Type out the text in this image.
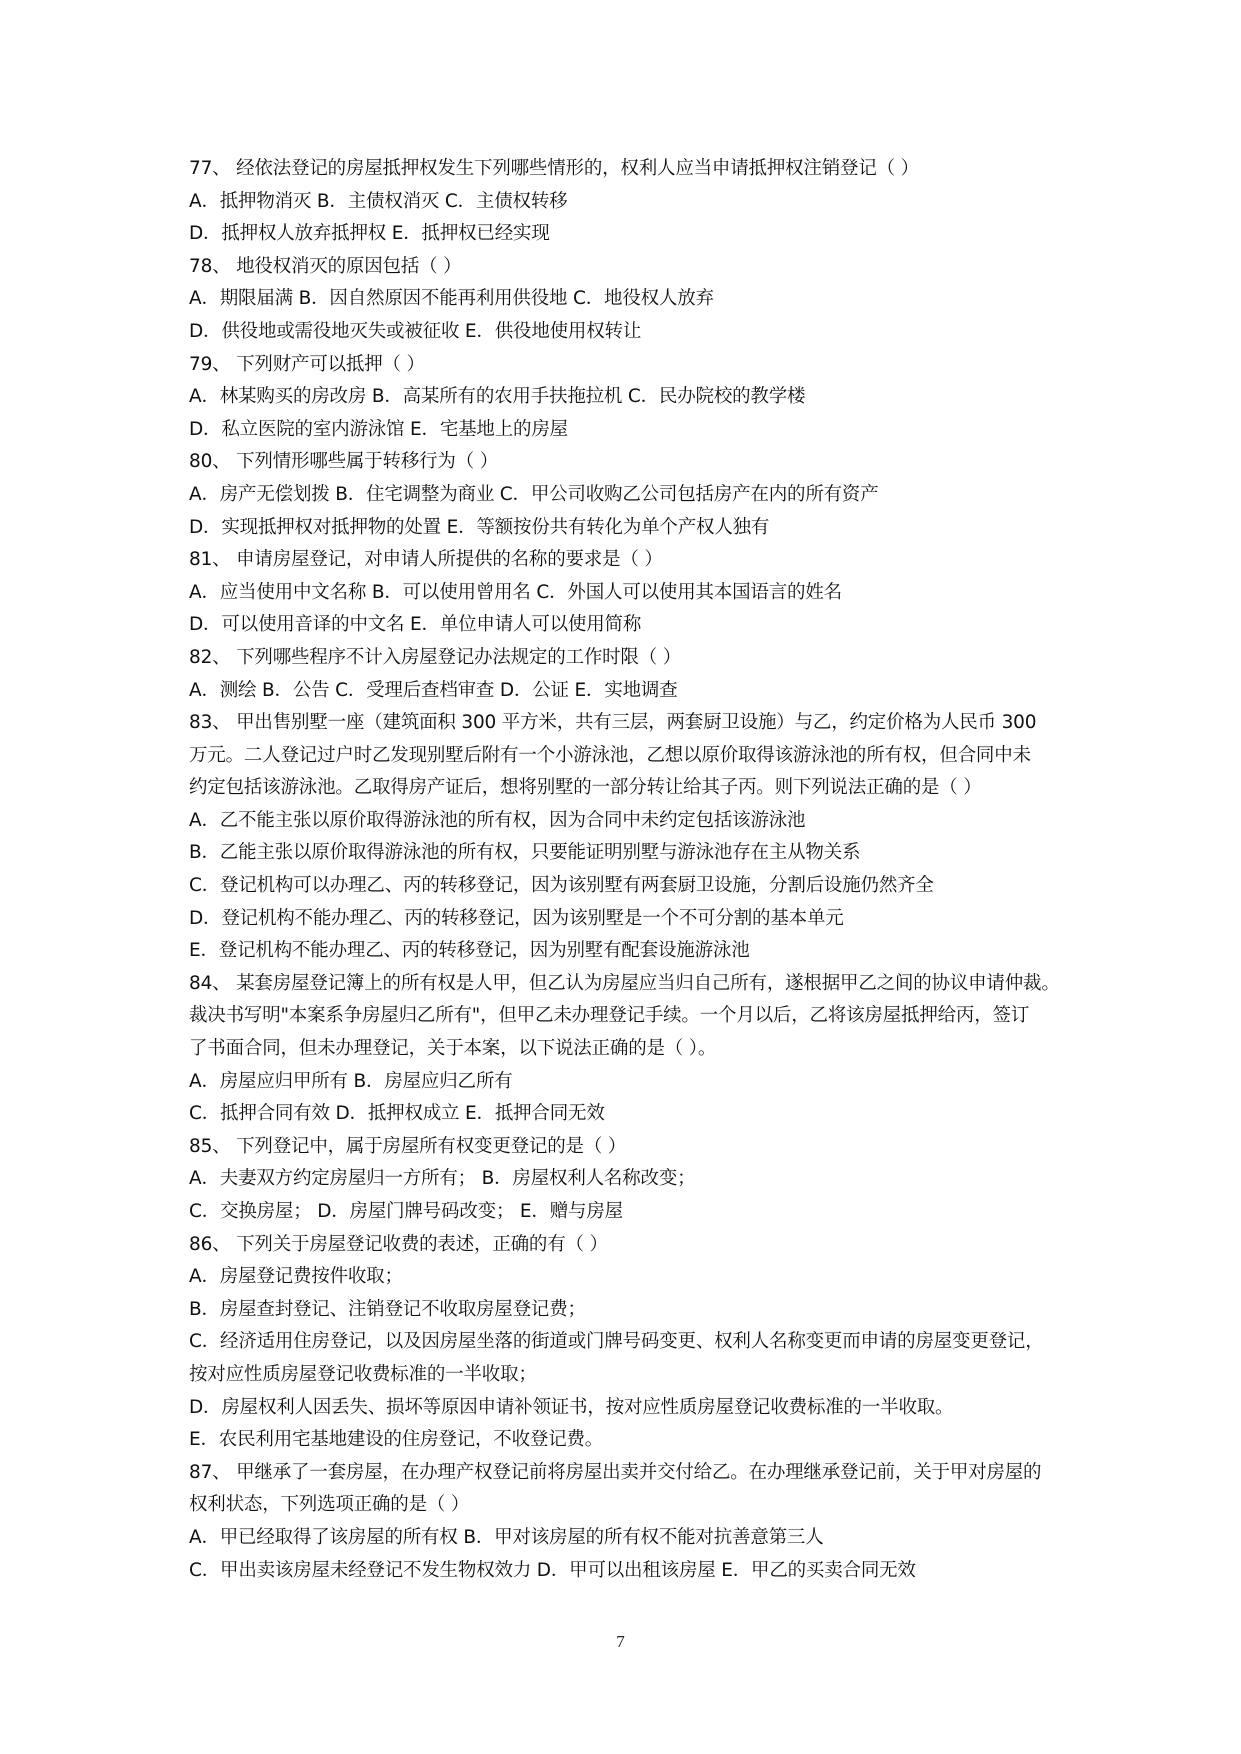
77、 经依法登记的房屋抵押权发生下列哪些情形的，权利人应当申请抵押权注销登记（ ）
A．抵押物消灭 B．主债权消灭 C．主债权转移
D．抵押权人放弃抵押权 E．抵押权已经实现
78、 地役权消灭的原因包括（ ）
A．期限届满 B．因自然原因不能再利用供役地 C．地役权人放弃
D．供役地或需役地灭失或被征收 E．供役地使用权转让
79、 下列财产可以抵押（ ）
A．林某购买的房改房 B．高某所有的农用手扶拖拉机 C．民办院校的教学楼
D．私立医院的室内游泳馆 E．宅基地上的房屋
80、 下列情形哪些属于转移行为（ ）
A．房产无偿划拨 B．住宅调整为商业 C．甲公司收购乙公司包括房产在内的所有资产
D．实现抵押权对抵押物的处置 E．等额按份共有转化为单个产权人独有
81、 申请房屋登记，对申请人所提供的名称的要求是（ ）
A．应当使用中文名称 B．可以使用曾用名 C．外国人可以使用其本国语言的姓名
D．可以使用音译的中文名 E．单位申请人可以使用简称
82、 下列哪些程序不计入房屋登记办法规定的工作时限（ ）
A．测绘 B．公告 C．受理后查档审查 D．公证 E．实地调查
83、 甲出售别墅一座（建筑面积 300 平方米，共有三层，两套厨卫设施）与乙，约定价格为人民币 300
万元。二人登记过户时乙发现别墅后附有一个小游泳池，乙想以原价取得该游泳池的所有权，但合同中未
约定包括该游泳池。乙取得房产证后，想将别墅的一部分转让给其子丙。则下列说法正确的是（ ）
A．乙不能主张以原价取得游泳池的所有权，因为合同中未约定包括该游泳池
B．乙能主张以原价取得游泳池的所有权，只要能证明别墅与游泳池存在主从物关系
C．登记机构可以办理乙、丙的转移登记，因为该别墅有两套厨卫设施，分割后设施仍然齐全
D．登记机构不能办理乙、丙的转移登记，因为该别墅是一个不可分割的基本单元
E．登记机构不能办理乙、丙的转移登记，因为别墅有配套设施游泳池
84、 某套房屋登记簿上的所有权是人甲，但乙认为房屋应当归自己所有，遂根据甲乙之间的协议申请仲裁。
裁决书写明"本案系争房屋归乙所有"，但甲乙未办理登记手续。一个月以后，乙将该房屋抵押给丙，签订
了书面合同，但未办理登记，关于本案，以下说法正确的是（ ）。
A．房屋应归甲所有 B．房屋应归乙所有
C．抵押合同有效 D．抵押权成立 E．抵押合同无效
85、 下列登记中，属于房屋所有权变更登记的是（ ）
A．夫妻双方约定房屋归一方所有； B．房屋权利人名称改变；
C．交换房屋； D．房屋门牌号码改变； E．赠与房屋
86、 下列关于房屋登记收费的表述，正确的有（ ）
A．房屋登记费按件收取；
B．房屋查封登记、注销登记不收取房屋登记费；
C．经济适用住房登记，以及因房屋坐落的街道或门牌号码变更、权利人名称变更而申请的房屋变更登记，
按对应性质房屋登记收费标准的一半收取；
D．房屋权利人因丢失、损坏等原因申请补领证书，按对应性质房屋登记收费标准的一半收取。
E．农民利用宅基地建设的住房登记，不收登记费。
87、 甲继承了一套房屋，在办理产权登记前将房屋出卖并交付给乙。在办理继承登记前，关于甲对房屋的
权利状态，下列选项正确的是（ ）
A．甲已经取得了该房屋的所有权 B．甲对该房屋的所有权不能对抗善意第三人
C．甲出卖该房屋未经登记不发生物权效力 D．甲可以出租该房屋 E．甲乙的买卖合同无效
7
